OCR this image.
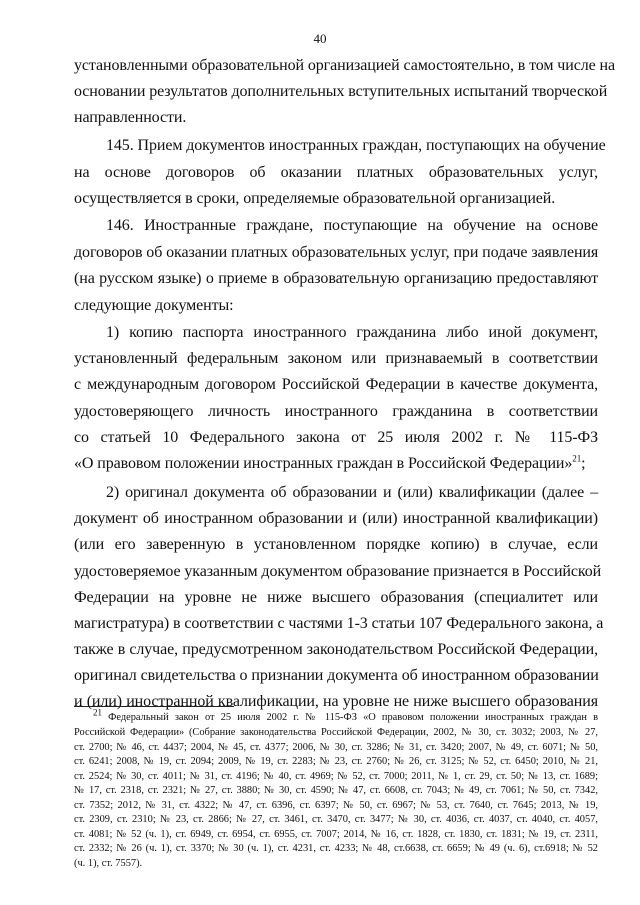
40
установленными образовательной организацией самостоятельно, в том числе на
основании результатов дополнительных вступительных испытаний творческой
направленности.
145. Прием документов иностранных граждан, поступающих на обучение
на основе договоров об оказании платных образовательных услуг,
осуществляется в сроки, определяемые образовательной организацией.
146. Иностранные граждане, поступающие на обучение на основе
договоров об оказании платных образовательных услуг, при подаче заявления
(на русском языке) о приеме в образовательную организацию предоставляют
следующие документы:
1) копию паспорта иностранного гражданина либо иной документ,
установленный федеральным законом или признаваемый в соответствии
с международным договором Российской Федерации в качестве документа,
удостоверяющего личность иностранного гражданина в соответствии
со статьей 10 Федерального закона от 25 июля 2002 г. № 115-ФЗ
«О правовом положении иностранных граждан в Российской Федерации»$^{21}$;
2) оригинал документа об образовании и (или) квалификации (далее –
документ об иностранном образовании и (или) иностранной квалификации)
(или его заверенную в установленном порядке копию) в случае, если
удостоверяемое указанным документом образование признается в Российской
Федерации на уровне не ниже высшего образования (специалитет или
магистратура) в соответствии с частями 1-3 статьи 107 Федерального закона, а
также в случае, предусмотренном законодательством Российской Федерации,
оригинал свидетельства о признании документа об иностранном образовании
и (или) иностранной квалификации, на уровне не ниже высшего образования
$^{21}$ Федеральный закон от 25 июля 2002 г. № 115-ФЗ «О правовом положении иностранных граждан в
Российской Федерации» (Собрание законодательства Российской Федерации, 2002, № 30, ст. 3032; 2003, № 27,
ст. 2700; № 46, ст. 4437; 2004, № 45, ст. 4377; 2006, № 30, ст. 3286; № 31, ст. 3420; 2007, № 49, ст. 6071; № 50,
ст. 6241; 2008, № 19, ст. 2094; 2009, № 19, ст. 2283; № 23, ст. 2760; № 26, ст. 3125; № 52, ст. 6450; 2010, № 21,
ст. 2524; № 30, ст. 4011; № 31, ст. 4196; № 40, ст. 4969; № 52, ст. 7000; 2011, № 1, ст. 29, ст. 50; № 13, ст. 1689;
№ 17, ст. 2318, ст. 2321; № 27, ст. 3880; № 30, ст. 4590; № 47, ст. 6608, ст. 7043; № 49, ст. 7061; № 50, ст. 7342,
ст. 7352; 2012, № 31, ст. 4322; № 47, ст. 6396, ст. 6397; № 50, ст. 6967; № 53, ст. 7640, ст. 7645; 2013, № 19,
ст. 2309, ст. 2310; № 23, ст. 2866; № 27, ст. 3461, ст. 3470, ст. 3477; № 30, ст. 4036, ст. 4037, ст. 4040, ст. 4057,
ст. 4081; № 52 (ч. 1), ст. 6949, ст. 6954, ст. 6955, ст. 7007; 2014, № 16, ст. 1828, ст. 1830, ст. 1831; № 19, ст. 2311,
ст. 2332; № 26 (ч. 1), ст. 3370; № 30 (ч. 1), ст. 4231, ст. 4233; № 48, ст.6638, ст. 6659; № 49 (ч. 6), ст.6918; № 52
(ч. 1), ст. 7557).
